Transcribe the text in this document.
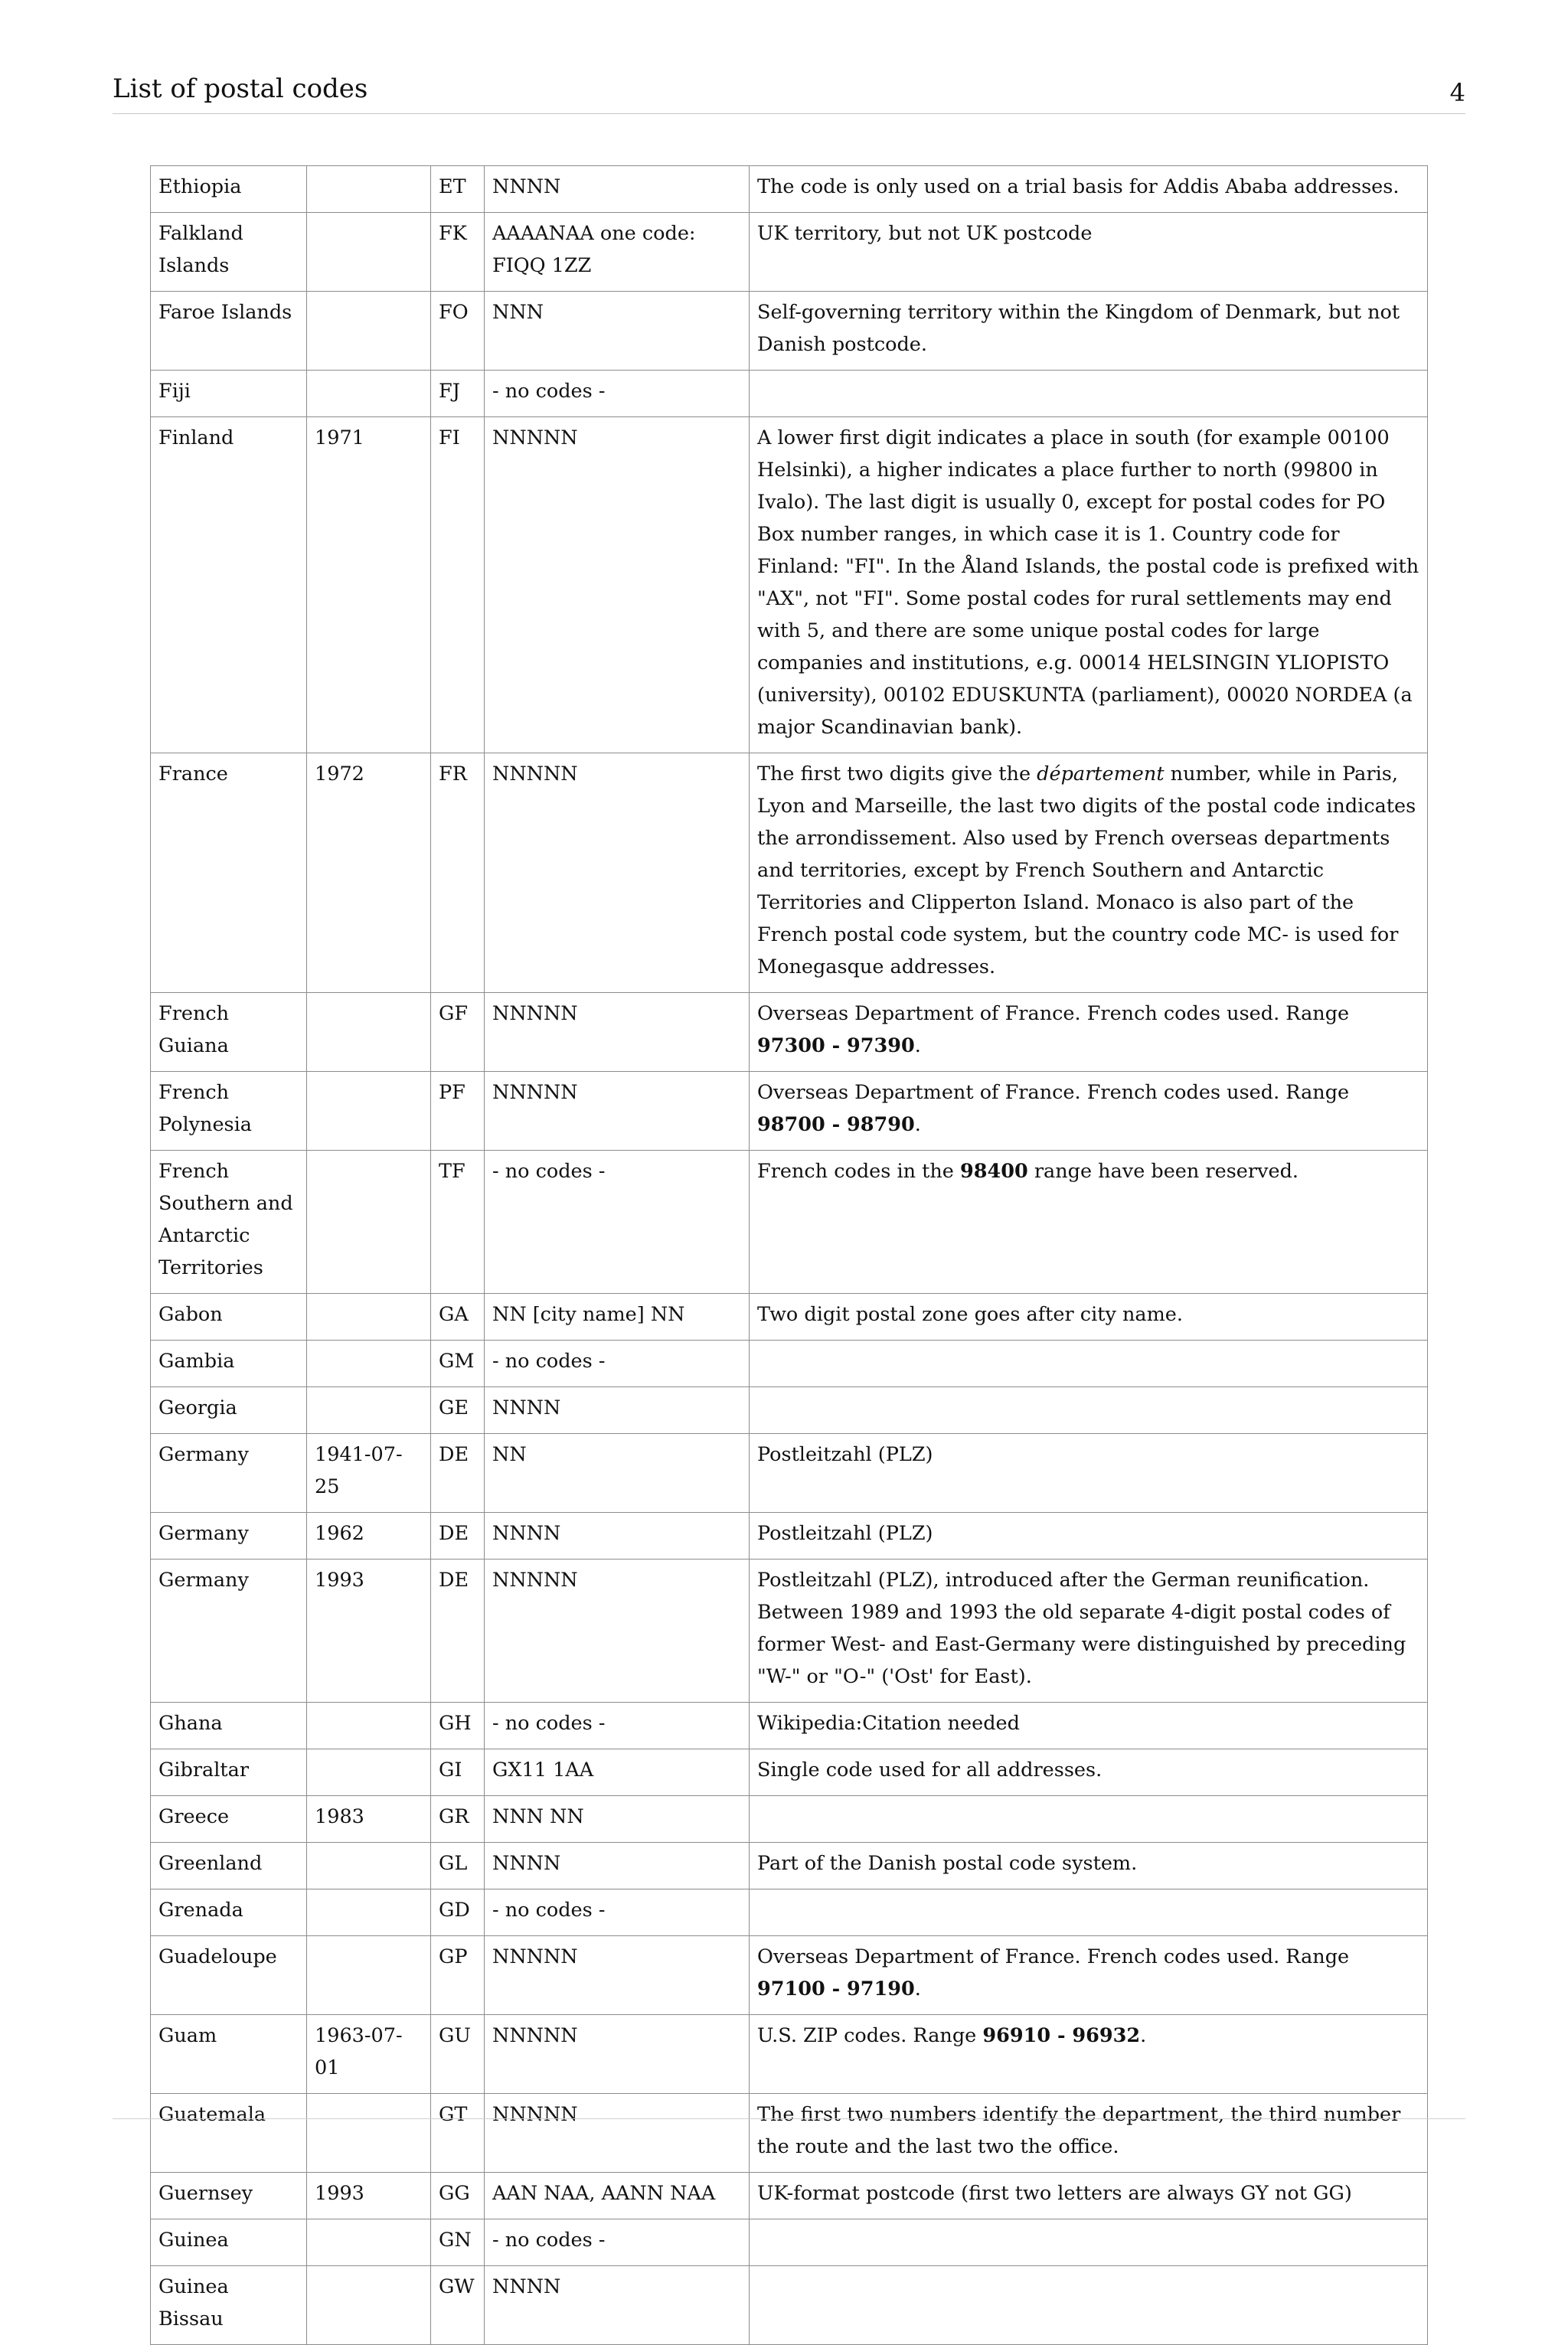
List of postal codes	4
Ethiopia		ET	NNNN	The code is only used on a trial basis for Addis Ababa addresses.
Falkland Islands		FK	AAAANAA one code: FIQQ 1ZZ	UK territory, but not UK postcode
Faroe Islands		FO	NNN	Self-governing territory within the Kingdom of Denmark, but not Danish postcode.
Fiji		FJ	- no codes -	
Finland	1971	FI	NNNNN	A lower first digit indicates a place in south (for example 00100 Helsinki), a higher indicates a place further to north (99800 in Ivalo). The last digit is usually 0, except for postal codes for PO Box number ranges, in which case it is 1. Country code for Finland: "FI". In the Åland Islands, the postal code is prefixed with "AX", not "FI". Some postal codes for rural settlements may end with 5, and there are some unique postal codes for large companies and institutions, e.g. 00014 HELSINGIN YLIOPISTO (university), 00102 EDUSKUNTA (parliament), 00020 NORDEA (a major Scandinavian bank).
France	1972	FR	NNNNN	The first two digits give the département number, while in Paris, Lyon and Marseille, the last two digits of the postal code indicates the arrondissement. Also used by French overseas departments and territories, except by French Southern and Antarctic Territories and Clipperton Island. Monaco is also part of the French postal code system, but the country code MC- is used for Monegasque addresses.
French Guiana		GF	NNNNN	Overseas Department of France. French codes used. Range 97300 - 97390.
French Polynesia		PF	NNNNN	Overseas Department of France. French codes used. Range 98700 - 98790.
French Southern and Antarctic Territories		TF	- no codes -	French codes in the 98400 range have been reserved.
Gabon		GA	NN [city name] NN	Two digit postal zone goes after city name.
Gambia		GM	- no codes -	
Georgia		GE	NNNN	
Germany	1941-07-25	DE	NN	Postleitzahl (PLZ)
Germany	1962	DE	NNNN	Postleitzahl (PLZ)
Germany	1993	DE	NNNNN	Postleitzahl (PLZ), introduced after the German reunification. Between 1989 and 1993 the old separate 4-digit postal codes of former West- and East-Germany were distinguished by preceding "W-" or "O-" ('Ost' for East).
Ghana		GH	- no codes -	Wikipedia:Citation needed
Gibraltar		GI	GX11 1AA	Single code used for all addresses.
Greece	1983	GR	NNN NN	
Greenland		GL	NNNN	Part of the Danish postal code system.
Grenada		GD	- no codes -	
Guadeloupe		GP	NNNNN	Overseas Department of France. French codes used. Range 97100 - 97190.
Guam	1963-07-01	GU	NNNNN	U.S. ZIP codes. Range 96910 - 96932.
Guatemala		GT	NNNNN	The first two numbers identify the department, the third number the route and the last two the office.
Guernsey	1993	GG	AAN NAA, AANN NAA	UK-format postcode (first two letters are always GY not GG)
Guinea		GN	- no codes -	
Guinea Bissau		GW	NNNN	
